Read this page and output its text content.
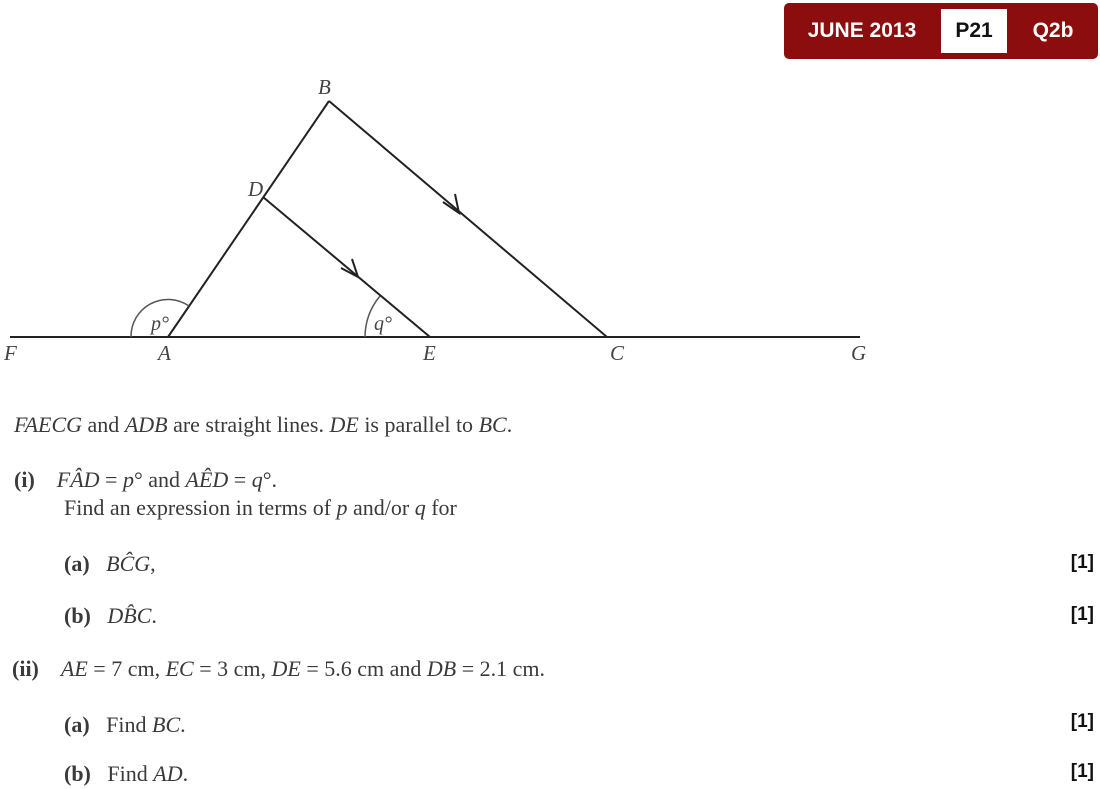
JUNE 2013	P21	Q2b
F	A	E	C	G
B
D
p°	q°
FAECG and ADB are straight lines. DE is parallel to BC.
(i) FÂD = p° and AÊD = q°.
Find an expression in terms of p and/or q for
(a) BĈG,	[1]
(b) DB̂C.	[1]
(ii) AE = 7 cm, EC = 3 cm, DE = 5.6 cm and DB = 2.1 cm.
(a) Find BC.	[1]
(b) Find AD.	[1]
